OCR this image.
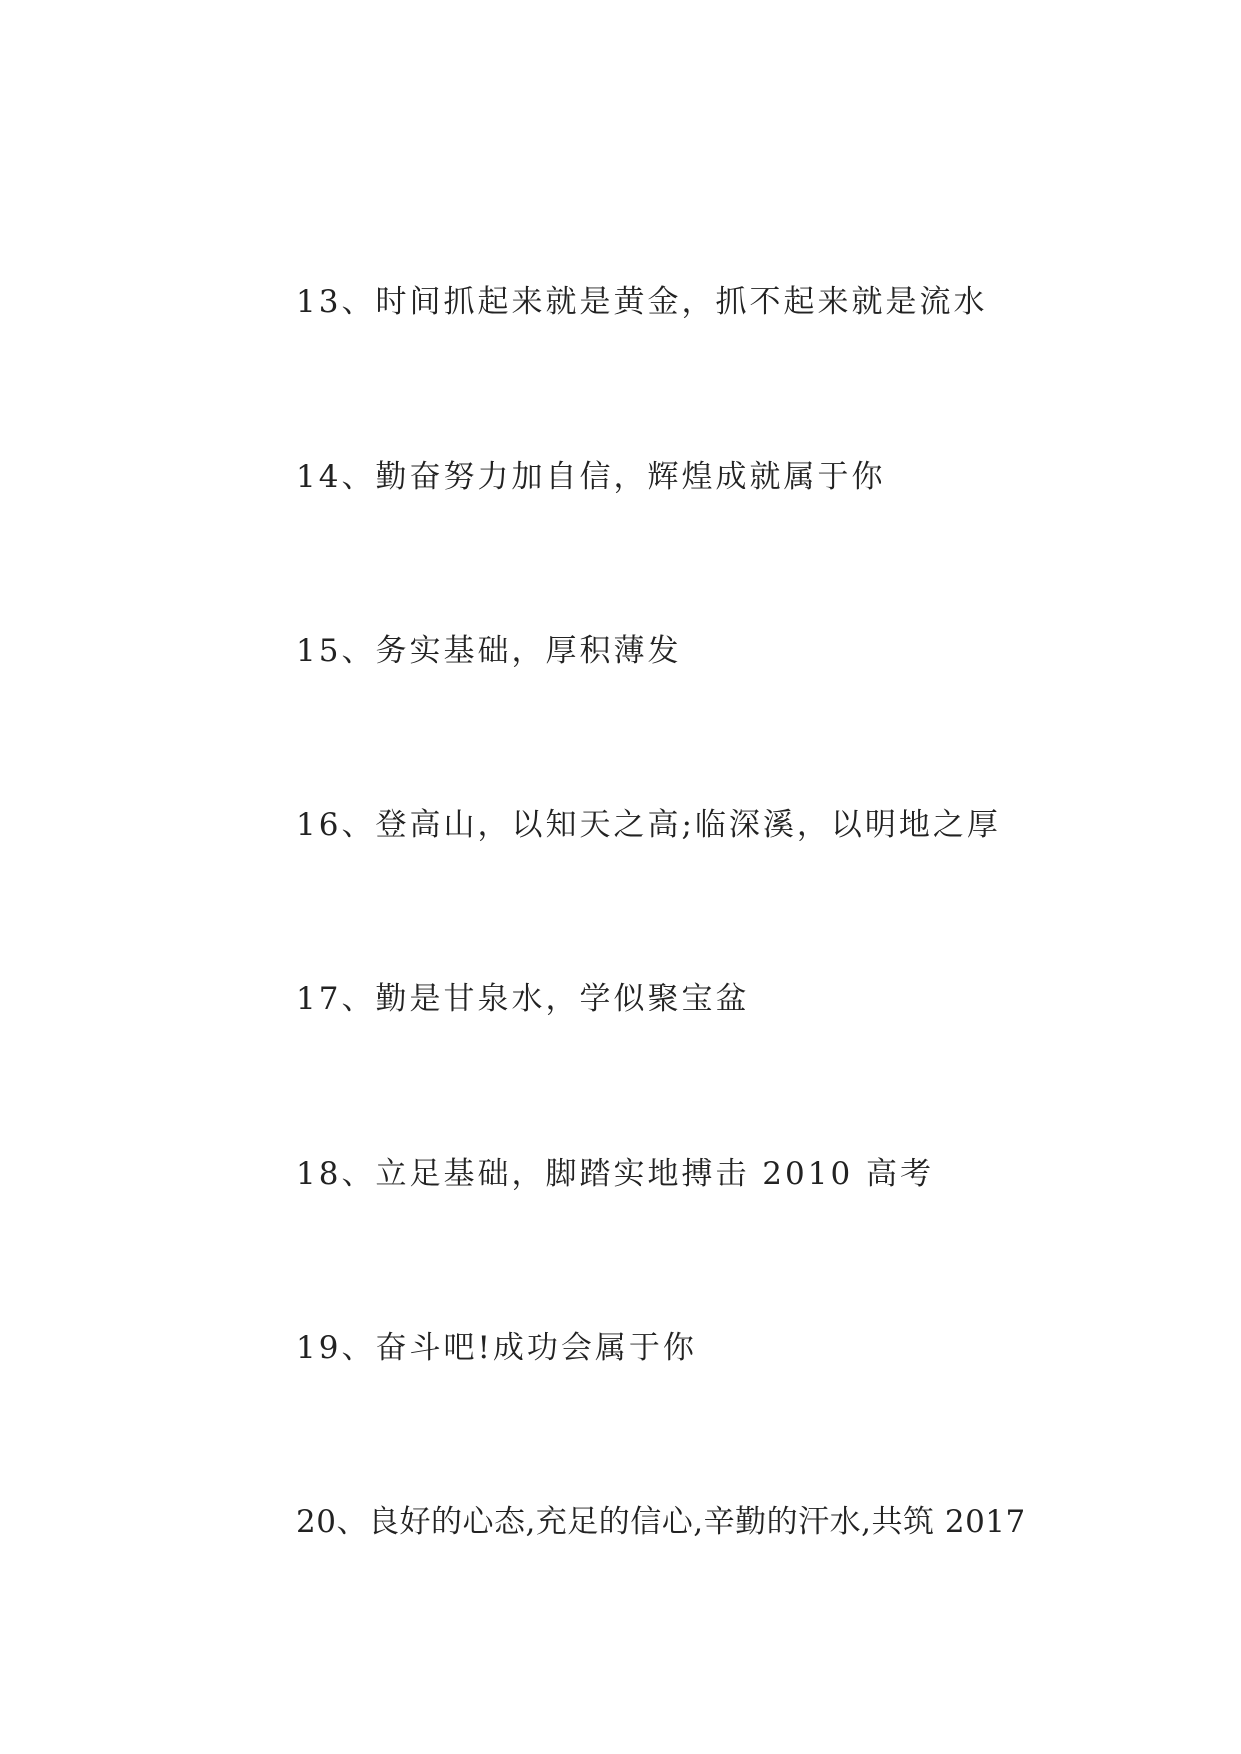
13、时间抓起来就是黄金，抓不起来就是流水
14、勤奋努力加自信，辉煌成就属于你
15、务实基础，厚积薄发
16、登高山，以知天之高;临深溪，以明地之厚
17、勤是甘泉水，学似聚宝盆
18、立足基础，脚踏实地搏击 2010 高考
19、奋斗吧!成功会属于你
20、良好的心态,充足的信心,辛勤的汗水,共筑 2017
